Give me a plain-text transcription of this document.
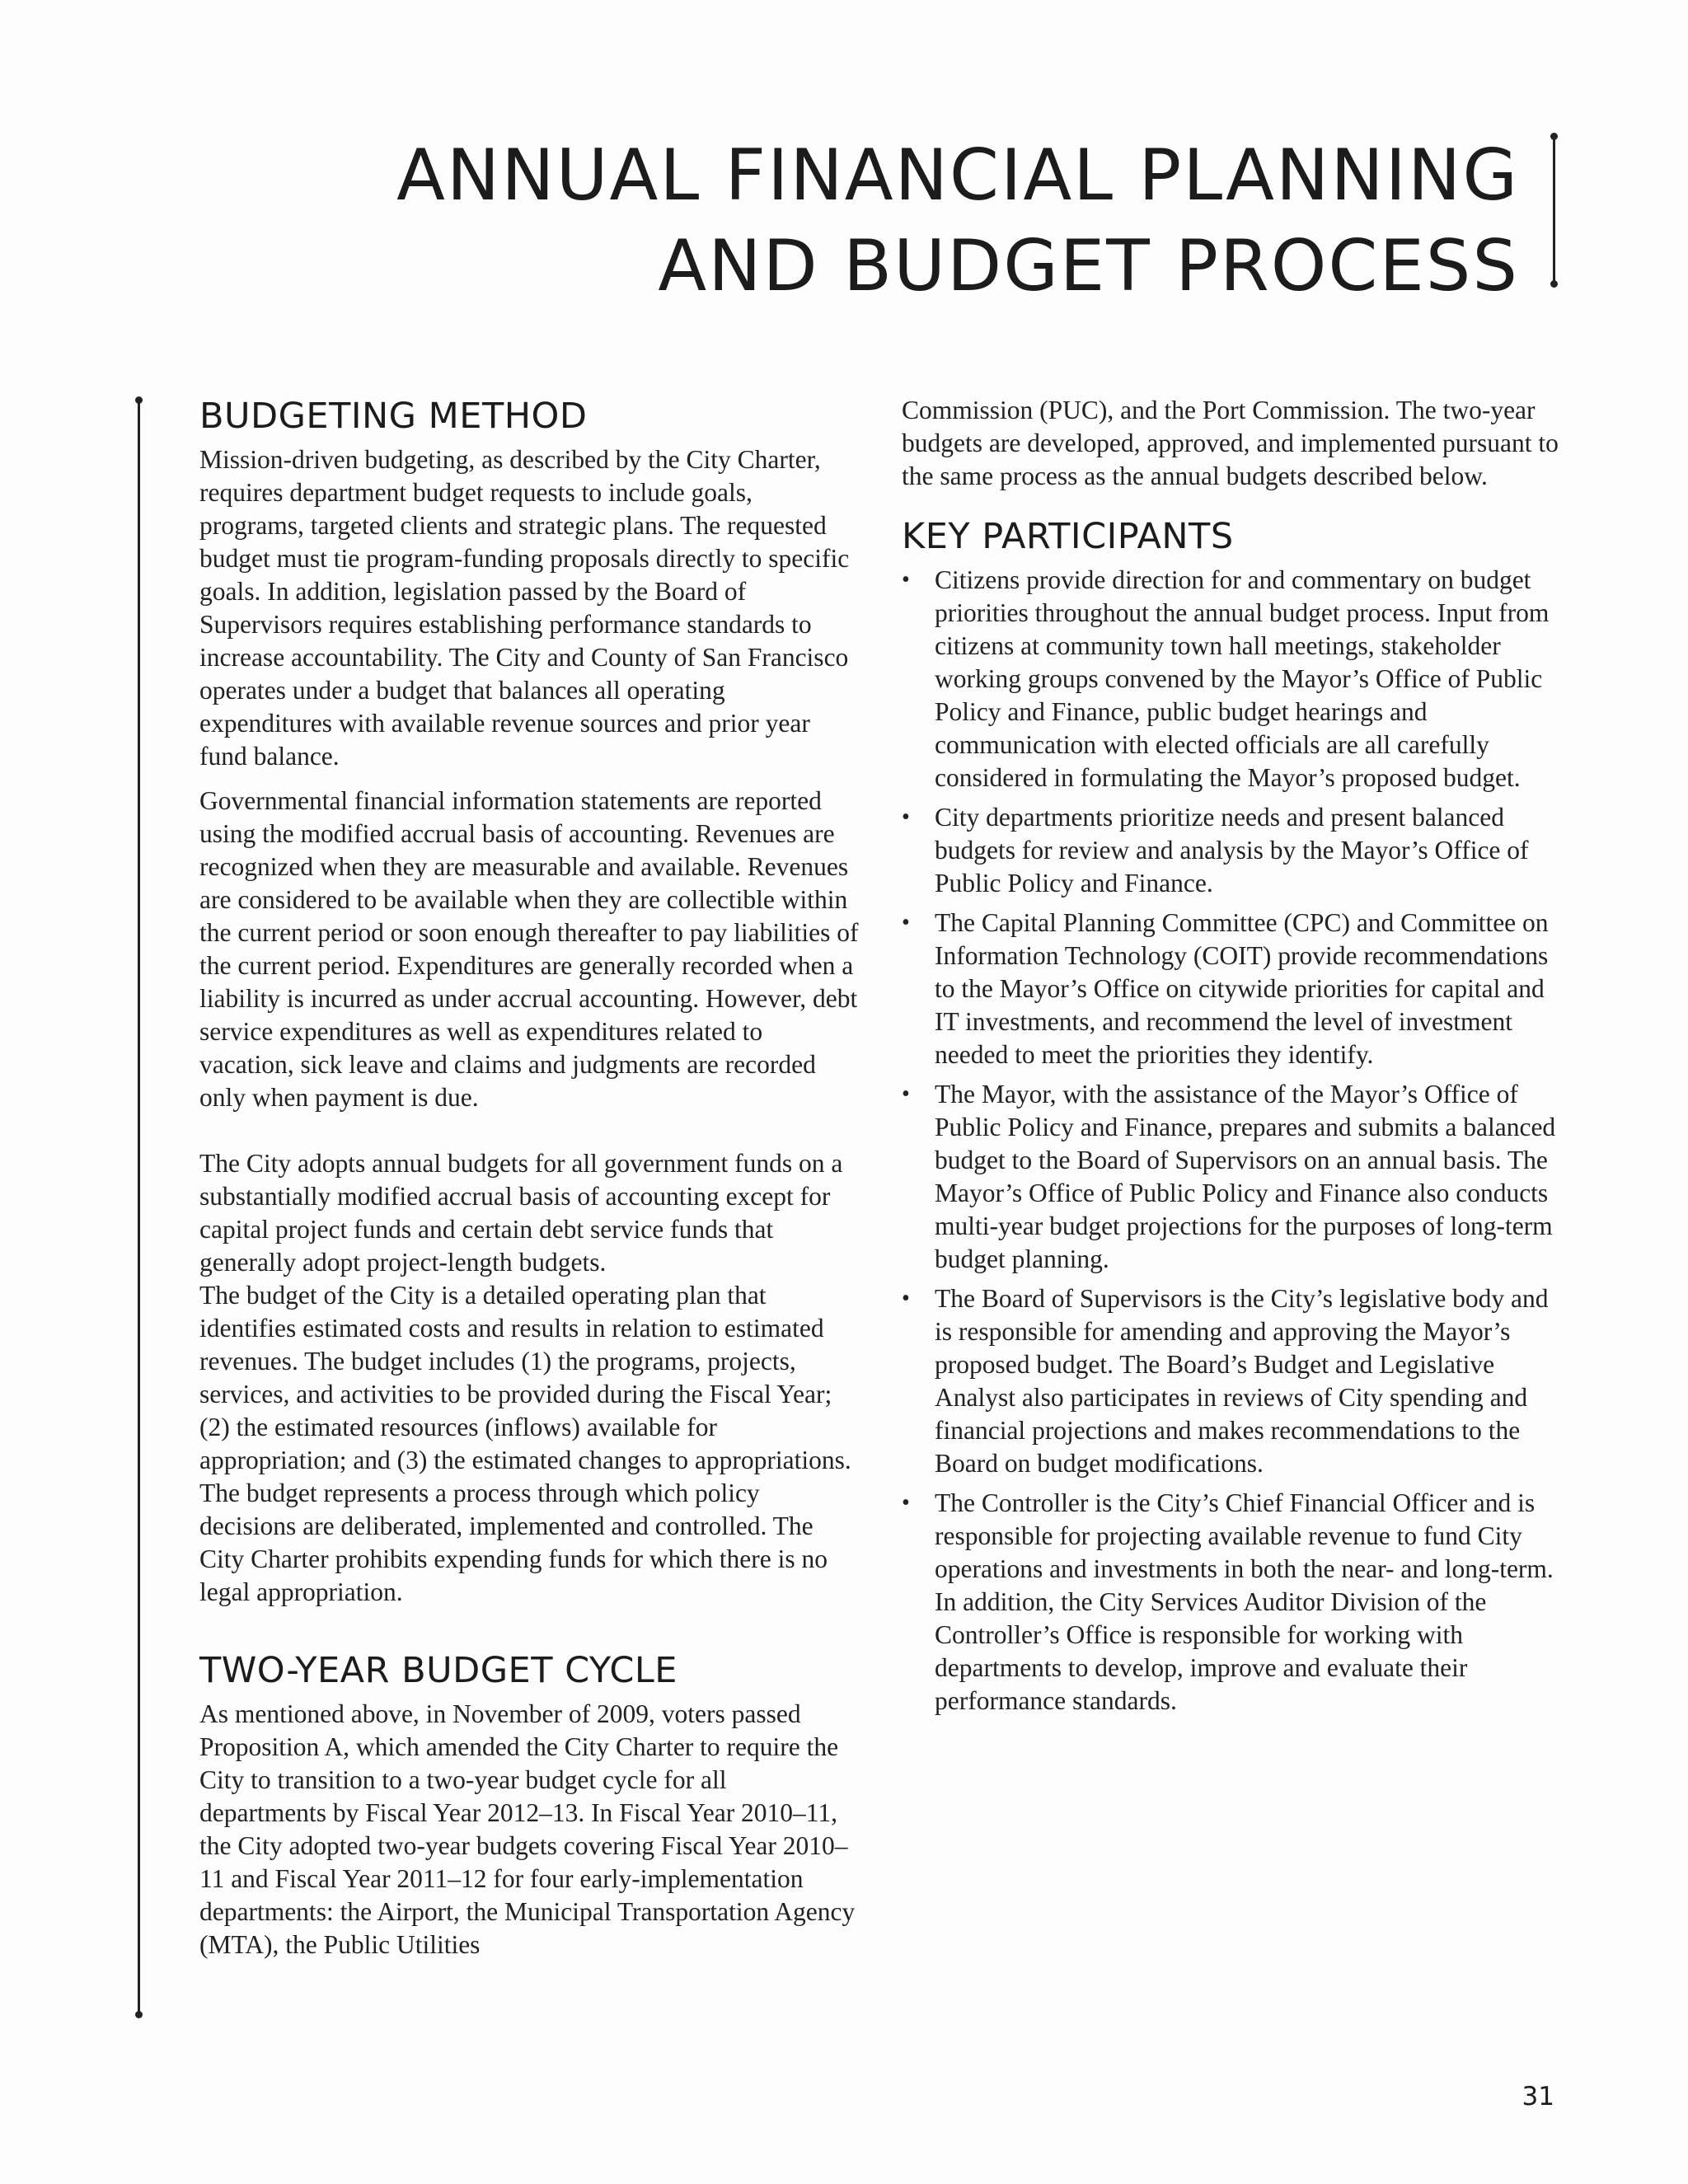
ANNUAL FINANCIAL PLANNING
AND BUDGET PROCESS
BUDGETING METHOD

Mission-driven budgeting, as described by the City Charter, requires department budget requests to include goals, programs, targeted clients and strategic plans. The requested budget must tie program-funding proposals directly to specific goals. In addition, legislation passed by the Board of Supervisors requires establishing performance standards to increase accountability. The City and County of San Francisco operates under a budget that balances all operating expenditures with available revenue sources and prior year fund balance.

Governmental financial information statements are reported using the modified accrual basis of accounting. Revenues are recognized when they are measurable and available. Revenues are considered to be available when they are collectible within the current period or soon enough thereafter to pay liabilities of the current period. Expenditures are generally recorded when a liability is incurred as under accrual accounting. However, debt service expenditures as well as expenditures related to vacation, sick leave and claims and judgments are recorded only when payment is due.

The City adopts annual budgets for all government funds on a substantially modified accrual basis of accounting except for capital project funds and certain debt service funds that generally adopt project-length budgets.

The budget of the City is a detailed operating plan that identifies estimated costs and results in relation to estimated revenues. The budget includes (1) the programs, projects, services, and activities to be provided during the Fiscal Year; (2) the estimated resources (inflows) available for appropriation; and (3) the estimated changes to appropriations. The budget represents a process through which policy decisions are deliberated, implemented and controlled. The City Charter prohibits expending funds for which there is no legal appropriation.

TWO-YEAR BUDGET CYCLE

As mentioned above, in November of 2009, voters passed Proposition A, which amended the City Charter to require the City to transition to a two-year budget cycle for all departments by Fiscal Year 2012–13. In Fiscal Year 2010–11, the City adopted two-year budgets covering Fiscal Year 2010–11 and Fiscal Year 2011–12 for four early-implementation departments: the Airport, the Municipal Transportation Agency (MTA), the Public Utilities

Commission (PUC), and the Port Commission. The two-year budgets are developed, approved, and implemented pursuant to the same process as the annual budgets described below.

KEY PARTICIPANTS
• Citizens provide direction for and commentary on budget priorities throughout the annual budget process. Input from citizens at community town hall meetings, stakeholder working groups convened by the Mayor’s Office of Public Policy and Finance, public budget hearings and communication with elected officials are all carefully considered in formulating the Mayor’s proposed budget.
• City departments prioritize needs and present balanced budgets for review and analysis by the Mayor’s Office of Public Policy and Finance.
• The Capital Planning Committee (CPC) and Committee on Information Technology (COIT) provide recommendations to the Mayor’s Office on citywide priorities for capital and IT investments, and recommend the level of investment needed to meet the priorities they identify.
• The Mayor, with the assistance of the Mayor’s Office of Public Policy and Finance, prepares and submits a balanced budget to the Board of Supervisors on an annual basis. The Mayor’s Office of Public Policy and Finance also conducts multi-year budget projections for the purposes of long-term budget planning.
• The Board of Supervisors is the City’s legislative body and is responsible for amending and approving the Mayor’s proposed budget. The Board’s Budget and Legislative Analyst also participates in reviews of City spending and financial projections and makes recommendations to the Board on budget modifications.
• The Controller is the City’s Chief Financial Officer and is responsible for projecting available revenue to fund City operations and investments in both the near- and long-term. In addition, the City Services Auditor Division of the Controller’s Office is responsible for working with departments to develop, improve and evaluate their performance standards.
31
